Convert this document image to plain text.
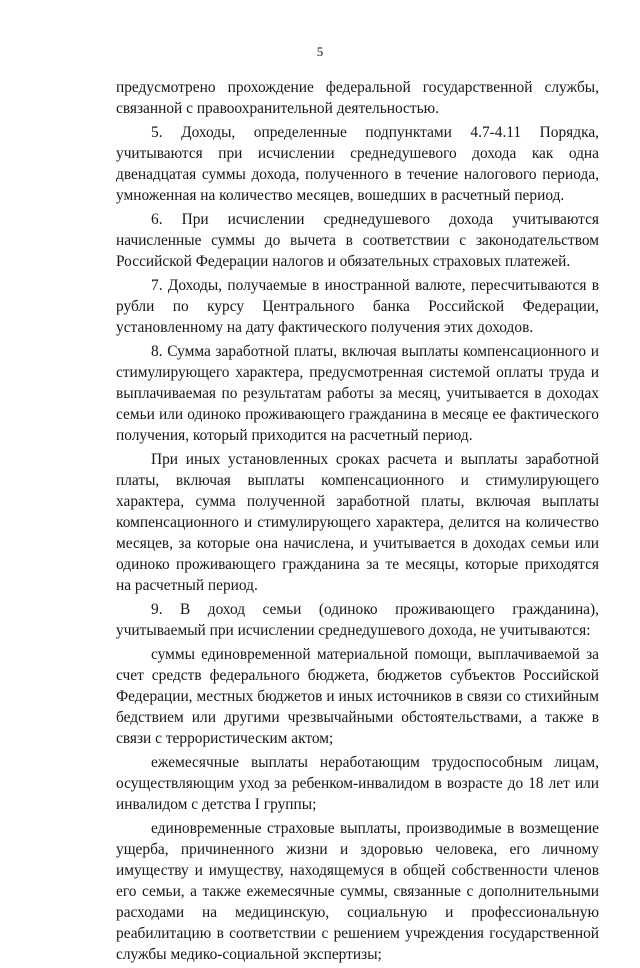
5

предусмотрено прохождение федеральной государственной службы, связанной с правоохранительной деятельностью.

5. Доходы, определенные подпунктами 4.7-4.11 Порядка, учитываются при исчислении среднедушевого дохода как одна двенадцатая суммы дохода, полученного в течение налогового периода, умноженная на количество месяцев, вошедших в расчетный период.

6. При исчислении среднедушевого дохода учитываются начисленные суммы до вычета в соответствии с законодательством Российской Федерации налогов и обязательных страховых платежей.

7. Доходы, получаемые в иностранной валюте, пересчитываются в рубли по курсу Центрального банка Российской Федерации, установленному на дату фактического получения этих доходов.

8. Сумма заработной платы, включая выплаты компенсационного и стимулирующего характера, предусмотренная системой оплаты труда и выплачиваемая по результатам работы за месяц, учитывается в доходах семьи или одиноко проживающего гражданина в месяце ее фактического получения, который приходится на расчетный период.

При иных установленных сроках расчета и выплаты заработной платы, включая выплаты компенсационного и стимулирующего характера, сумма полученной заработной платы, включая выплаты компенсационного и стимулирующего характера, делится на количество месяцев, за которые она начислена, и учитывается в доходах семьи или одиноко проживающего гражданина за те месяцы, которые приходятся на расчетный период.

9. В доход семьи (одиноко проживающего гражданина), учитываемый при исчислении среднедушевого дохода, не учитываются:

суммы единовременной материальной помощи, выплачиваемой за счет средств федерального бюджета, бюджетов субъектов Российской Федерации, местных бюджетов и иных источников в связи со стихийным бедствием или другими чрезвычайными обстоятельствами, а также в связи с террористическим актом;

ежемесячные выплаты неработающим трудоспособным лицам, осуществляющим уход за ребенком-инвалидом в возрасте до 18 лет или инвалидом с детства I группы;

единовременные страховые выплаты, производимые в возмещение ущерба, причиненного жизни и здоровью человека, его личному имуществу и имуществу, находящемуся в общей собственности членов его семьи, а также ежемесячные суммы, связанные с дополнительными расходами на медицинскую, социальную и профессиональную реабилитацию в соответствии с решением учреждения государственной службы медико-социальной экспертизы;
